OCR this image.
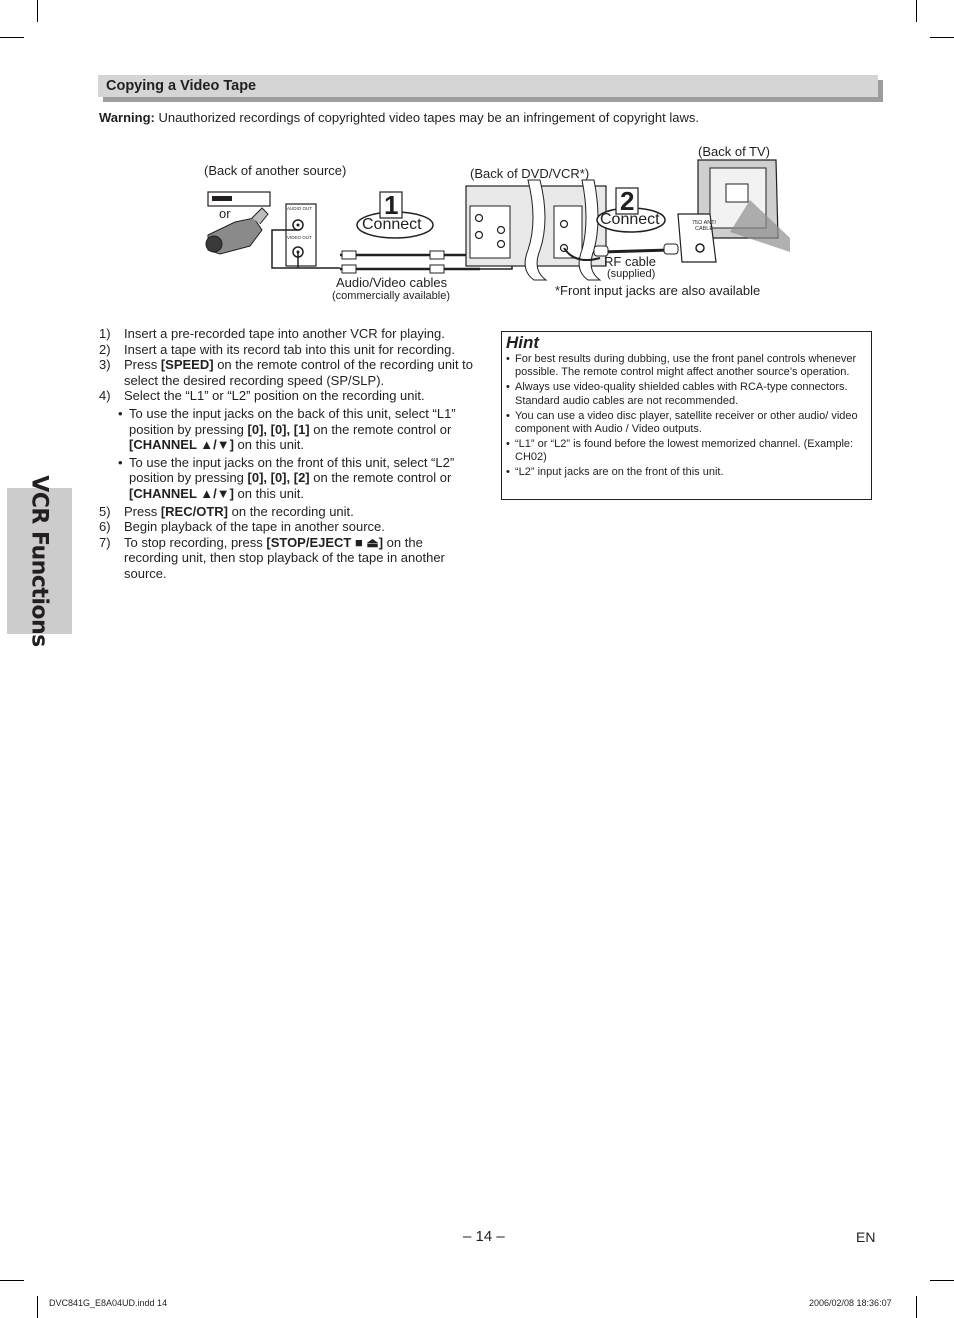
Copying a Video Tape
Warning: Unauthorized recordings of copyrighted video tapes may be an infringement of copyright laws.
(Back of another source)
or
(Back of DVD/VCR*)
(Back of TV)
AUDIO OUT
VIDEO OUT
1
Connect
2
Connect	75Ω ANT/ CABLE
Audio/Video cables
(commercially available)
RF cable
(supplied)
*Front input jacks are also available

1) Insert a pre-recorded tape into another VCR for playing.

2) Insert a tape with its record tab into this unit for recording.

3) Press [SPEED] on the remote control of the recording unit to select the desired recording speed (SP/SLP).

4) Select the “L1” or “L2” position on the recording unit.

• To use the input jacks on the back of this unit, select “L1” position by pressing [0], [0], [1] on the remote control or [CHANNEL ▲/▼] on this unit.

• To use the input jacks on the front of this unit, select “L2” position by pressing [0], [0], [2] on the remote control or [CHANNEL ▲/▼] on this unit.

5) Press [REC/OTR] on the recording unit.

6) Begin playback of the tape in another source.

7) To stop recording, press [STOP/EJECT ■ ⏏] on the recording unit, then stop playback of the tape in another source.

Hint
• For best results during dubbing, use the front panel controls whenever possible. The remote control might affect another source’s operation.
• Always use video-quality shielded cables with RCA-type connectors. Standard audio cables are not recommended.
• You can use a video disc player, satellite receiver or other audio/ video component with Audio / Video outputs.
• “L1” or “L2” is found before the lowest memorized channel. (Example: CH02)
• “L2” input jacks are on the front of this unit.
VCR Functions
– 14 –	EN
DVC841G_E8A04UD.indd 14	2006/02/08 18:36:07
